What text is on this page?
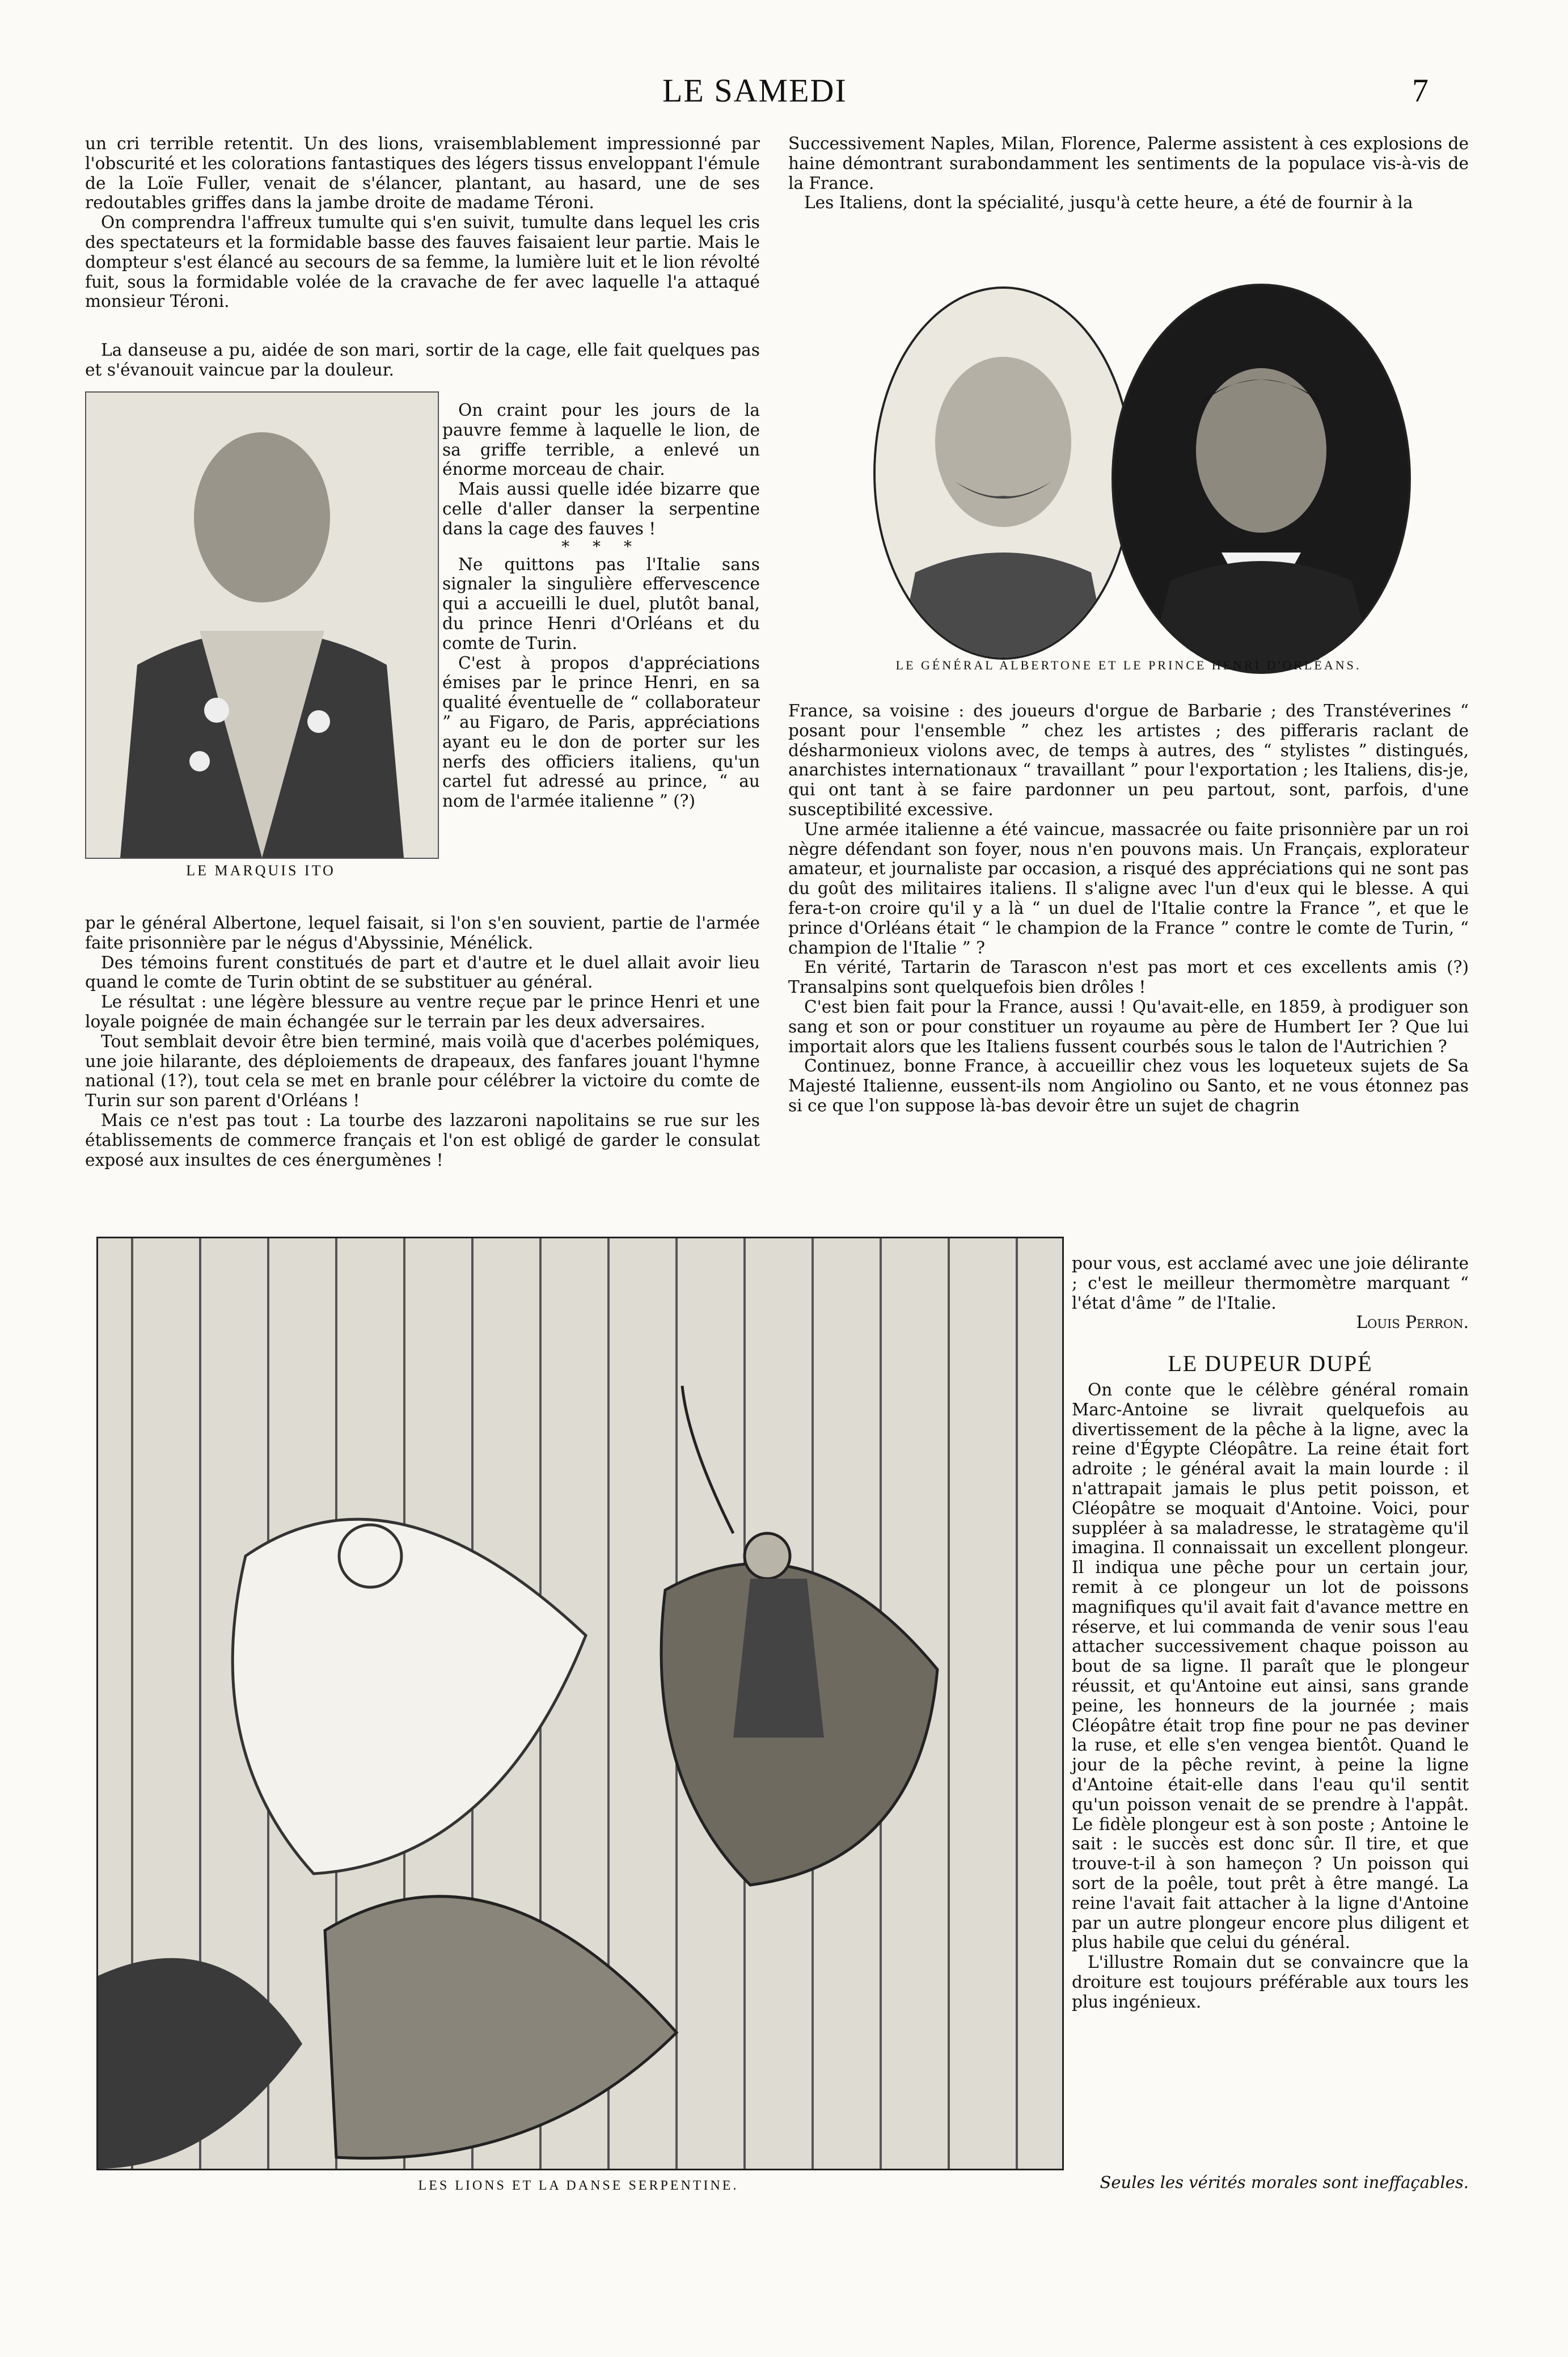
LE SAMEDI	7

un cri terrible retentit. Un des lions, vraisemblablement impressionné par l'obscurité et les colorations fantastiques des légers tissus enveloppant l'émule de la Loïe Fuller, venait de s'élancer, plantant, au hasard, une de ses redoutables griffes dans la jambe droite de madame Téroni.

On comprendra l'affreux tumulte qui s'en suivit, tumulte dans lequel les cris des spectateurs et la formidable basse des fauves faisaient leur partie. Mais le dompteur s'est élancé au secours de sa femme, la lumière luit et le lion révolté fuit, sous la formidable volée de la cravache de fer avec laquelle l'a attaqué monsieur Téroni.

LE MARQUIS ITO

La danseuse a pu, aidée de son mari, sortir de la cage, elle fait quelques pas et s'évanouit vaincue par la douleur.

On craint pour les jours de la pauvre femme à laquelle le lion, de sa griffe terrible, a enlevé un énorme morceau de chair.

Mais aussi quelle idée bizarre que celle d'aller danser la serpentine dans la cage des fauves !

* * *

Ne quittons pas l'Italie sans signaler la singulière effervescence qui a accueilli le duel, plutôt banal, du prince Henri d'Orléans et du comte de Turin.

C'est à propos d'appréciations émises par le prince Henri, en sa qualité éventuelle de “ collaborateur ” au Figaro, de Paris, appréciations ayant eu le don de porter sur les nerfs des officiers italiens, qu'un cartel fut adressé au prince, “ au nom de l'armée italienne ” (?)

par le général Albertone, lequel faisait, si l'on s'en souvient, partie de l'armée faite prisonnière par le négus d'Abyssinie, Ménélick.

Des témoins furent constitués de part et d'autre et le duel allait avoir lieu quand le comte de Turin obtint de se substituer au général.

Le résultat : une légère blessure au ventre reçue par le prince Henri et une loyale poignée de main échangée sur le terrain par les deux adversaires.

Tout semblait devoir être bien terminé, mais voilà que d'acerbes polémiques, une joie hilarante, des déploiements de drapeaux, des fanfares jouant l'hymne national (1?), tout cela se met en branle pour célébrer la victoire du comte de Turin sur son parent d'Orléans !

Mais ce n'est pas tout : La tourbe des lazzaroni napolitains se rue sur les établissements de commerce français et l'on est obligé de garder le consulat exposé aux insultes de ces énergumènes !

Successivement Naples, Milan, Florence, Palerme assistent à ces explosions de haine démontrant surabondamment les sentiments de la populace vis-à-vis de la France.

Les Italiens, dont la spécialité, jusqu'à cette heure, a été de fournir à la

LE GÉNÉRAL ALBERTONE ET LE PRINCE HENRI D'ORLÉANS.

France, sa voisine : des joueurs d'orgue de Barbarie ; des Transtéverines “ posant pour l'ensemble ” chez les artistes ; des pifferaris raclant de désharmonieux violons avec, de temps à autres, des “ stylistes ” distingués, anarchistes internationaux “ travaillant ” pour l'exportation ; les Italiens, dis-je, qui ont tant à se faire pardonner un peu partout, sont, parfois, d'une susceptibilité excessive.

Une armée italienne a été vaincue, massacrée ou faite prisonnière par un roi nègre défendant son foyer, nous n'en pouvons mais. Un Français, explorateur amateur, et journaliste par occasion, a risqué des appréciations qui ne sont pas du goût des militaires italiens. Il s'aligne avec l'un d'eux qui le blesse. A qui fera-t-on croire qu'il y a là “ un duel de l'Italie contre la France ”, et que le prince d'Orléans était “ le champion de la France ” contre le comte de Turin, “ champion de l'Italie ” ?

En vérité, Tartarin de Tarascon n'est pas mort et ces excellents amis (?) Transalpins sont quelquefois bien drôles !

C'est bien fait pour la France, aussi ! Qu'avait-elle, en 1859, à prodiguer son sang et son or pour constituer un royaume au père de Humbert Ier ? Que lui importait alors que les Italiens fussent courbés sous le talon de l'Autrichien ?

Continuez, bonne France, à accueillir chez vous les loqueteux sujets de Sa Majesté Italienne, eussent-ils nom Angiolino ou Santo, et ne vous étonnez pas si ce que l'on suppose là-bas devoir être un sujet de chagrin

pour vous, est acclamé avec une joie délirante ; c'est le meilleur thermomètre marquant “ l'état d'âme ” de l'Italie.

Louis Perron.

LES LIONS ET LA DANSE SERPENTINE.
LE DUPEUR DUPÉ

On conte que le célèbre général romain Marc-Antoine se livrait quelquefois au divertissement de la pêche à la ligne, avec la reine d'Égypte Cléopâtre. La reine était fort adroite ; le général avait la main lourde : il n'attrapait jamais le plus petit poisson, et Cléopâtre se moquait d'Antoine. Voici, pour suppléer à sa maladresse, le stratagème qu'il imagina. Il connaissait un excellent plongeur. Il indiqua une pêche pour un certain jour, remit à ce plongeur un lot de poissons magnifiques qu'il avait fait d'avance mettre en réserve, et lui commanda de venir sous l'eau attacher successivement chaque poisson au bout de sa ligne. Il paraît que le plongeur réussit, et qu'Antoine eut ainsi, sans grande peine, les honneurs de la journée ; mais Cléopâtre était trop fine pour ne pas deviner la ruse, et elle s'en vengea bientôt. Quand le jour de la pêche revint, à peine la ligne d'Antoine était-elle dans l'eau qu'il sentit qu'un poisson venait de se prendre à l'appât. Le fidèle plongeur est à son poste ; Antoine le sait : le succès est donc sûr. Il tire, et que trouve-t-il à son hameçon ? Un poisson qui sort de la poêle, tout prêt à être mangé. La reine l'avait fait attacher à la ligne d'Antoine par un autre plongeur encore plus diligent et plus habile que celui du général.

L'illustre Romain dut se convaincre que la droiture est toujours préférable aux tours les plus ingénieux.

Seules les vérités morales sont ineffaçables.
